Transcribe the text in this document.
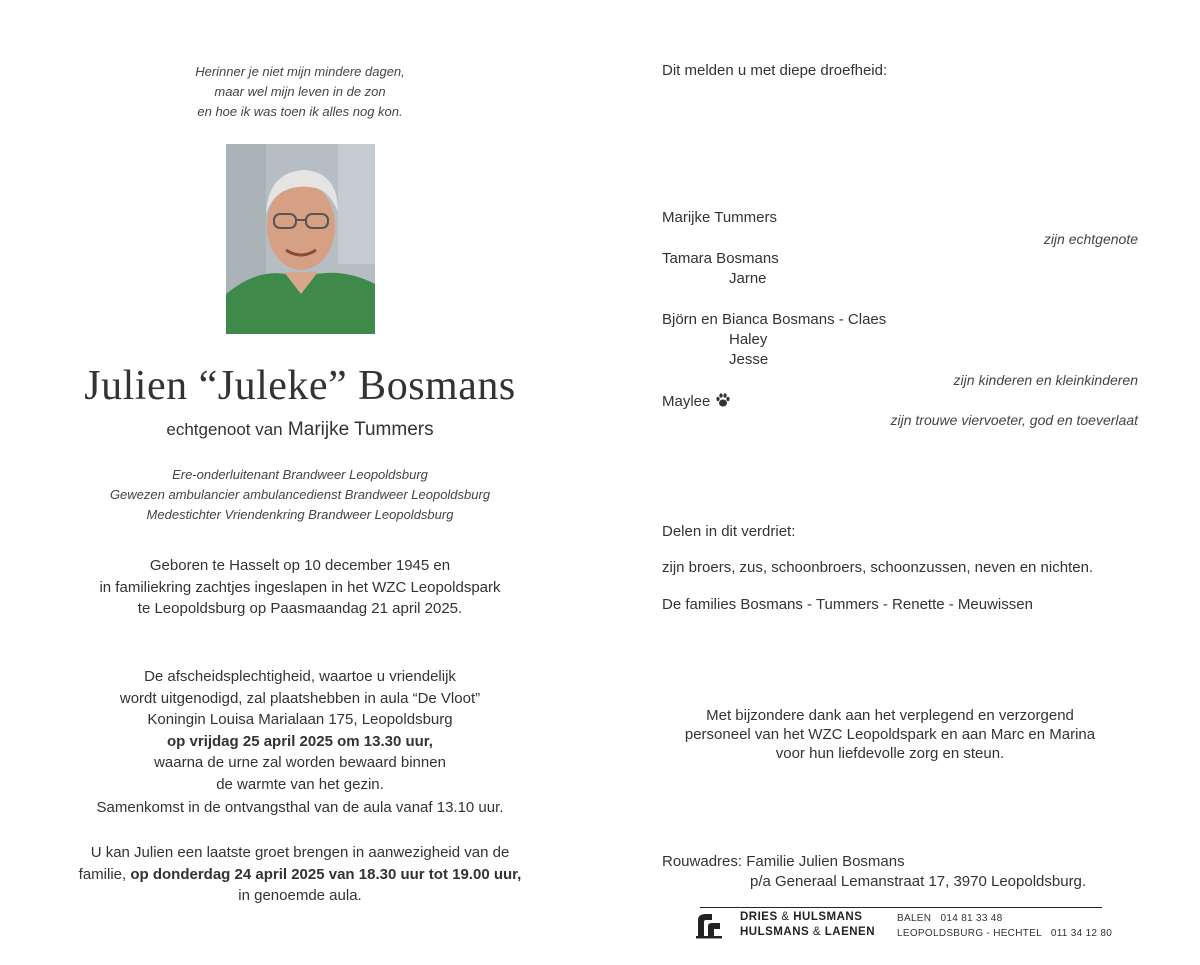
Herinner je niet mijn mindere dagen,
maar wel mijn leven in de zon
en hoe ik was toen ik alles nog kon.
Julien “Juleke” Bosmans
echtgenoot van Marijke Tummers
Ere-onderluitenant Brandweer Leopoldsburg
Gewezen ambulancier ambulancedienst Brandweer Leopoldsburg
Medestichter Vriendenkring Brandweer Leopoldsburg
Geboren te Hasselt op 10 december 1945 en
in familiekring zachtjes ingeslapen in het WZC Leopoldspark
te Leopoldsburg op Paasmaandag 21 april 2025.
De afscheidsplechtigheid, waartoe u vriendelijk
wordt uitgenodigd, zal plaatshebben in aula “De Vloot”
Koningin Louisa Marialaan 175, Leopoldsburg
op vrijdag 25 april 2025 om 13.30 uur,
waarna de urne zal worden bewaard binnen
de warmte van het gezin.
Samenkomst in de ontvangsthal van de aula vanaf 13.10 uur.
U kan Julien een laatste groet brengen in aanwezigheid van de
familie, op donderdag 24 april 2025 van 18.30 uur tot 19.00 uur,
in genoemde aula.
Dit melden u met diepe droefheid:
Marijke Tummers
zijn echtgenote
Tamara Bosmans
Jarne
Björn en Bianca Bosmans - Claes
Haley
Jesse
zijn kinderen en kleinkinderen
Maylee
zijn trouwe viervoeter, god en toeverlaat
Delen in dit verdriet:
zijn broers, zus, schoonbroers, schoonzussen, neven en nichten.
De families Bosmans - Tummers - Renette - Meuwissen
Met bijzondere dank aan het verplegend en verzorgend
personeel van het WZC Leopoldspark en aan Marc en Marina
voor hun liefdevolle zorg en steun.
Rouwadres: Familie Julien Bosmans
p/a Generaal Lemanstraat 17, 3970 Leopoldsburg.
DRIES & HULSMANS
HULSMANS & LAENEN
BALEN   014 81 33 48
LEOPOLDSBURG - HECHTEL   011 34 12 80
